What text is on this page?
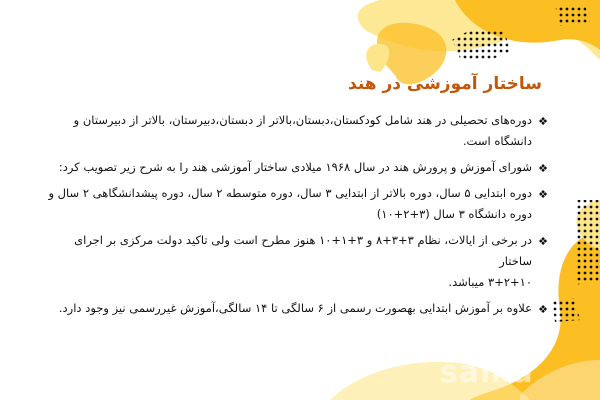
ساختار آموزشی در هند
❖
دوره‌های تحصیلی در هند شامل کودکستان،دبستان،بالاتر از دبستان،دبیرستان، بالاتر از دبیرستان و
دانشگاه است.
❖
شورای آموزش و پرورش هند در سال ۱۹۶۸ میلادی ساختار آموزشی هند را به شرح زیر تصویب کرد:
❖
دوره ابتدایی ۵ سال، دوره بالاتر از ابتدایی ۳ سال، دوره متوسطه ۲ سال، دوره پیشدانشگاهی ۲ سال و
دوره دانشگاه ۳ سال (۳+۲+۱۰)
❖
در برخی از ایالات، نظام ۳+۳+۸ و ۳+۱+۱۰ هنوز مطرح است ولی تاکید دولت مرکزی بر اجرای ساختار
۳+۲+۱۰ میباشد.
❖
علاوه بر آموزش ابتدایی بهصورت رسمی از ۶ سالگی تا ۱۴ سالگی،آموزش غیررسمی نیز وجود دارد.
sama
